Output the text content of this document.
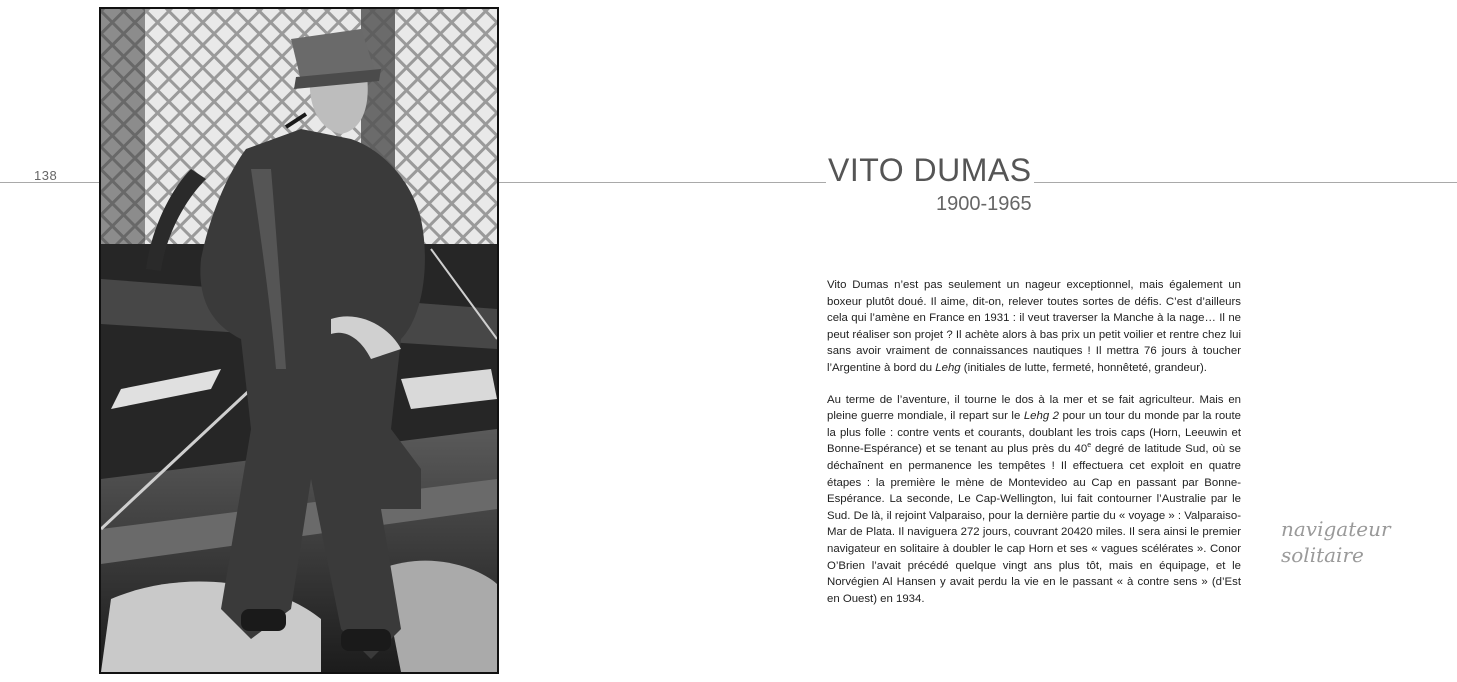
138	VITO DUMAS
1900-1965

Vito Dumas n’est pas seulement un nageur exceptionnel, mais également un boxeur plutôt doué. Il aime, dit-on, relever toutes sortes de défis. C’est d’ailleurs cela qui l’amène en France en 1931 : il veut traverser la Manche à la nage… Il ne peut réaliser son projet ? Il achète alors à bas prix un petit voilier et rentre chez lui sans avoir vraiment de connaissances nautiques ! Il mettra 76 jours à toucher l’Argentine à bord du Lehg (initiales de lutte, fermeté, honnêteté, grandeur).

Au terme de l’aventure, il tourne le dos à la mer et se fait agriculteur. Mais en pleine guerre mondiale, il repart sur le Lehg 2 pour un tour du monde par la route la plus folle : contre vents et courants, doublant les trois caps (Horn, Leeuwin et Bonne-Espérance) et se tenant au plus près du 40e degré de latitude Sud, où se déchaînent en permanence les tempêtes ! Il effectuera cet exploit en quatre étapes : la première le mène de Montevideo au Cap en passant par Bonne-Espérance. La seconde, Le Cap-Wellington, lui fait contourner l’Australie par le Sud. De là, il rejoint Valparaiso, pour la dernière partie du « voyage » : Valparaiso-Mar de Plata. Il naviguera 272 jours, couvrant 20420 miles. Il sera ainsi le premier navigateur en solitaire à doubler le cap Horn et ses « vagues scélérates ». Conor O’Brien l’avait précédé quelque vingt ans plus tôt, mais en équipage, et le Norvégien Al Hansen y avait perdu la vie en le passant « à contre sens » (d’Est en Ouest) en 1934.

navigateur
solitaire
